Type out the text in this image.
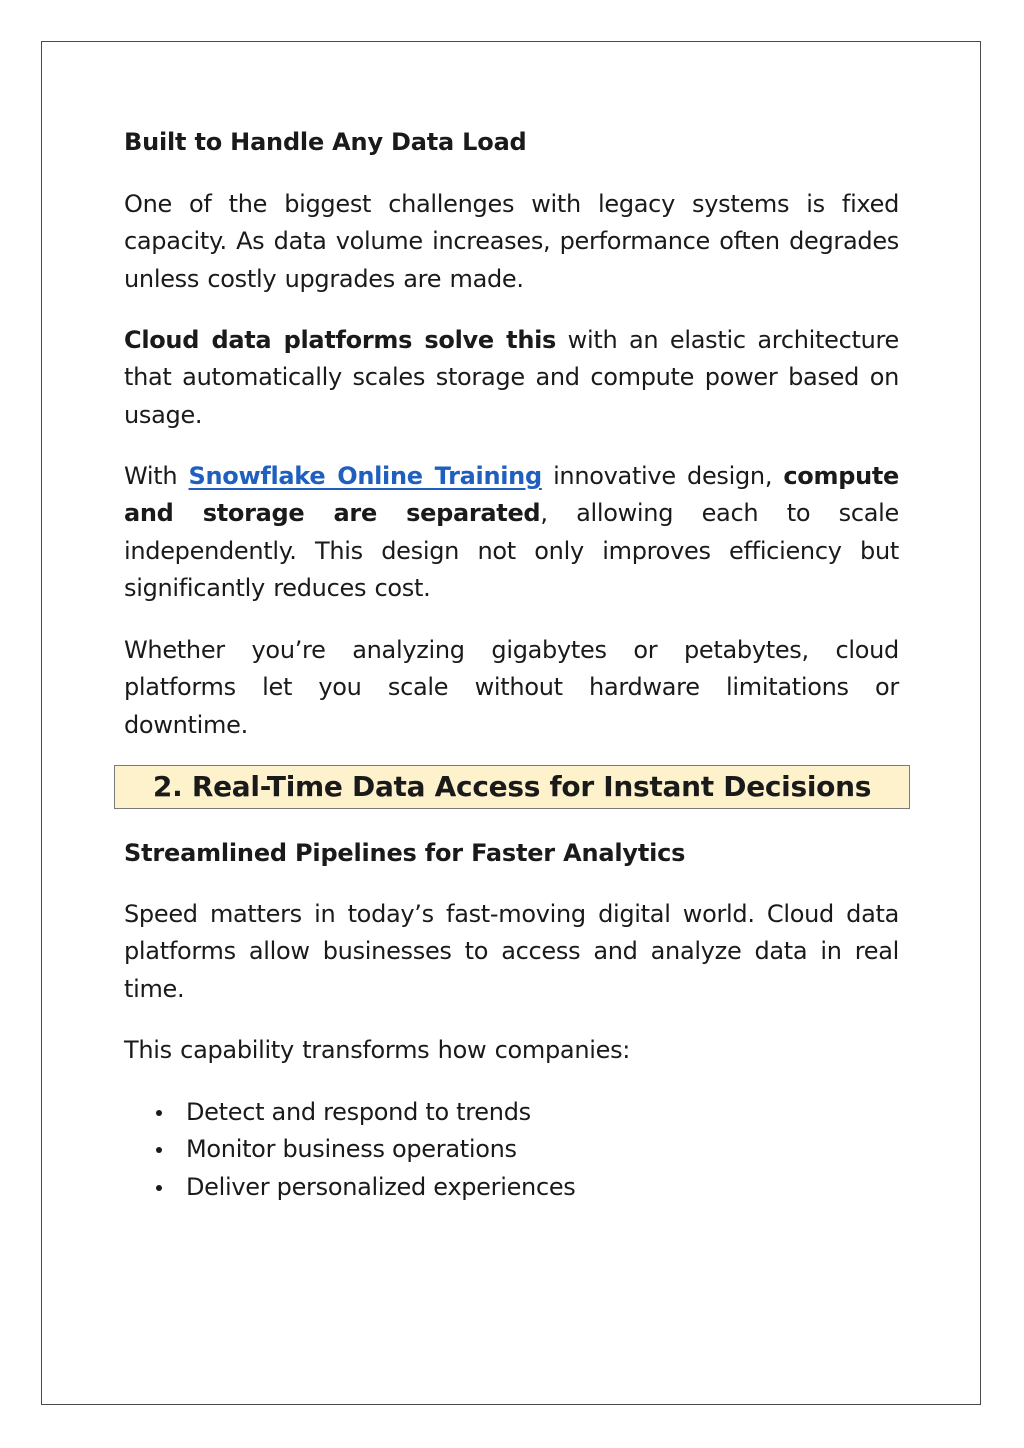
Built to Handle Any Data Load

One of the biggest challenges with legacy systems is fixed capacity. As data volume increases, performance often degrades unless costly upgrades are made.

Cloud data platforms solve this with an elastic architecture that automatically scales storage and compute power based on usage.

With Snowflake Online Training innovative design, compute and storage are separated, allowing each to scale independently. This design not only improves efficiency but significantly reduces cost.

Whether you’re analyzing gigabytes or petabytes, cloud platforms let you scale without hardware limitations or downtime.

2. Real-Time Data Access for Instant Decisions
Streamlined Pipelines for Faster Analytics

Speed matters in today’s fast-moving digital world. Cloud data platforms allow businesses to access and analyze data in real time.

This capability transforms how companies:

Detect and respond to trends
Monitor business operations
Deliver personalized experiences
